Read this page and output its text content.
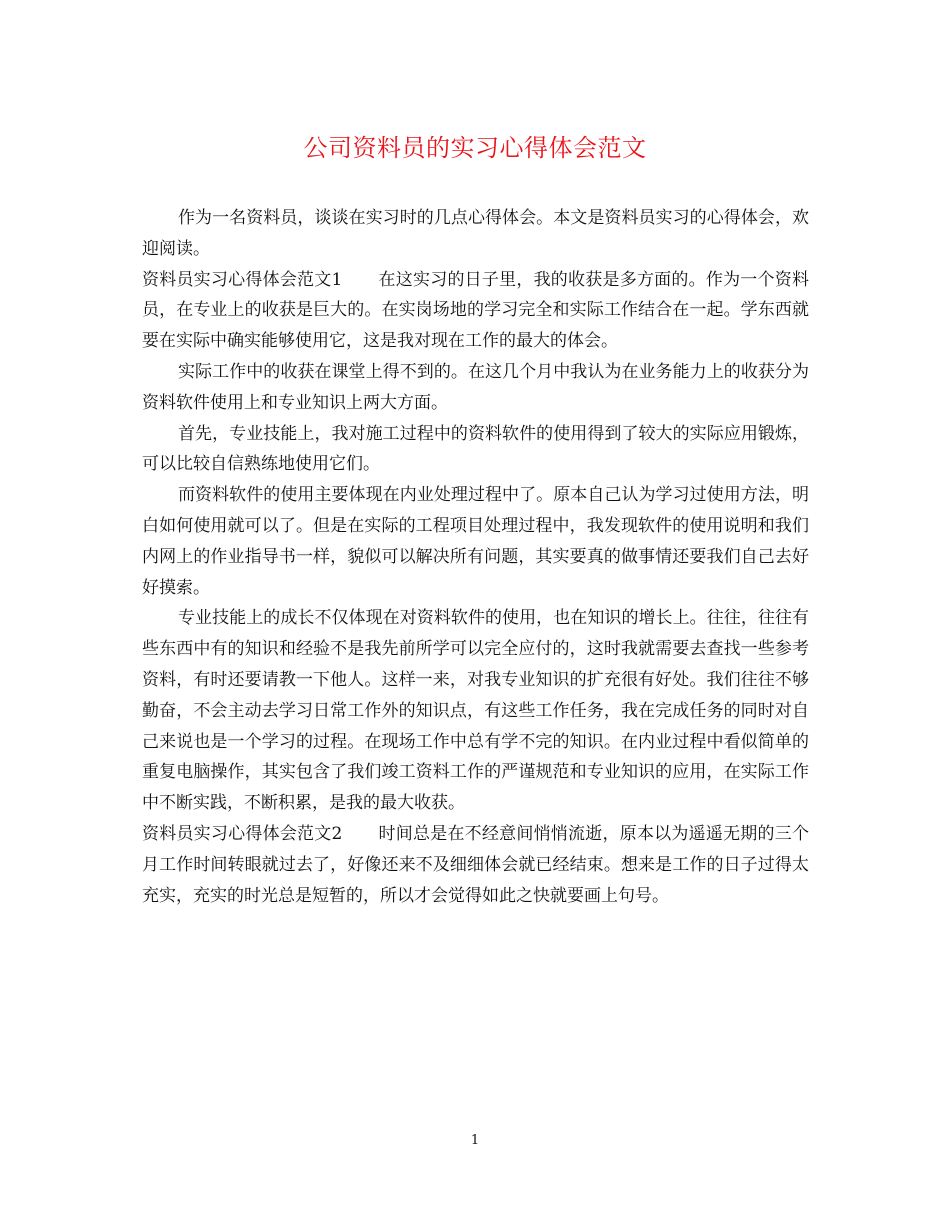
公司资料员的实习心得体会范文

作为一名资料员，谈谈在实习时的几点心得体会。本文是资料员实习的心得体会，欢迎阅读。

资料员实习心得体会范文1 在这实习的日子里，我的收获是多方面的。作为一个资料员，在专业上的收获是巨大的。在实岗场地的学习完全和实际工作结合在一起。学东西就要在实际中确实能够使用它，这是我对现在工作的最大的体会。

实际工作中的收获在课堂上得不到的。在这几个月中我认为在业务能力上的收获分为资料软件使用上和专业知识上两大方面。

首先，专业技能上，我对施工过程中的资料软件的使用得到了较大的实际应用锻炼，可以比较自信熟练地使用它们。

而资料软件的使用主要体现在内业处理过程中了。原本自己认为学习过使用方法，明白如何使用就可以了。但是在实际的工程项目处理过程中，我发现软件的使用说明和我们内网上的作业指导书一样，貌似可以解决所有问题，其实要真的做事情还要我们自己去好好摸索。

专业技能上的成长不仅体现在对资料软件的使用，也在知识的增长上。往往，往往有些东西中有的知识和经验不是我先前所学可以完全应付的，这时我就需要去查找一些参考资料，有时还要请教一下他人。这样一来，对我专业知识的扩充很有好处。我们往往不够勤奋，不会主动去学习日常工作外的知识点，有这些工作任务，我在完成任务的同时对自己来说也是一个学习的过程。在现场工作中总有学不完的知识。在内业过程中看似简单的重复电脑操作，其实包含了我们竣工资料工作的严谨规范和专业知识的应用，在实际工作中不断实践，不断积累，是我的最大收获。

资料员实习心得体会范文2 时间总是在不经意间悄悄流逝，原本以为遥遥无期的三个月工作时间转眼就过去了，好像还来不及细细体会就已经结束。想来是工作的日子过得太充实，充实的时光总是短暂的，所以才会觉得如此之快就要画上句号。

1
